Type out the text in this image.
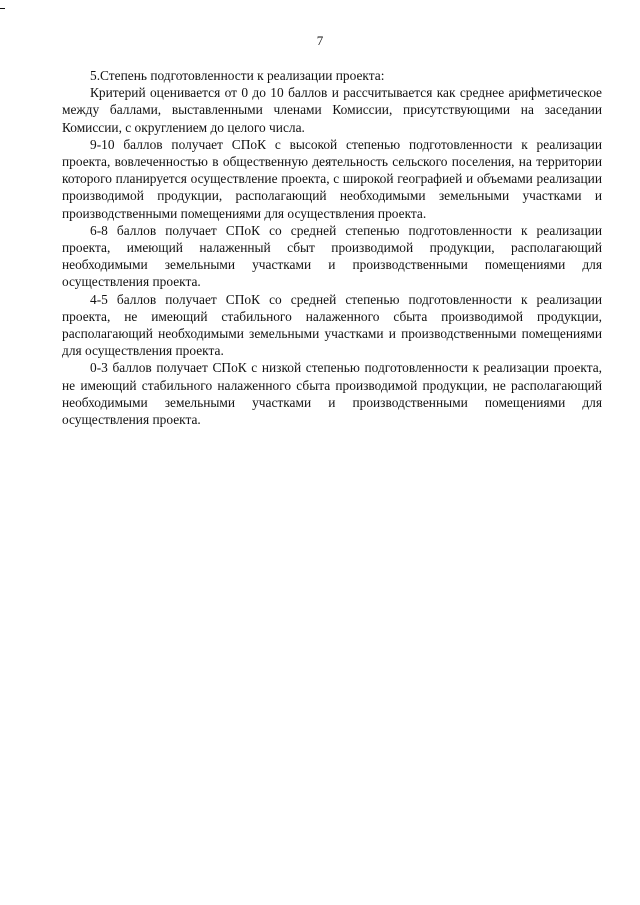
7

5.Степень подготовленности к реализации проекта:

Критерий оценивается от 0 до 10 баллов и рассчитывается как среднее арифметическое между баллами, выставленными членами Комиссии, присутствующими на заседании Комиссии, с округлением до целого числа.

9-10 баллов получает СПоК с высокой степенью подготовленности к реализации проекта, вовлеченностью в общественную деятельность сельского поселения, на территории которого планируется осуществление проекта, с широкой географией и объемами реализации производимой продукции, располагающий необходимыми земельными участками и производственными помещениями для осуществления проекта.

6-8 баллов получает СПоК со средней степенью подготовленности к реализации проекта, имеющий налаженный сбыт производимой продукции, располагающий необходимыми земельными участками и производственными помещениями для осуществления проекта.

4-5 баллов получает СПоК со средней степенью подготовленности к реализации проекта, не имеющий стабильного налаженного сбыта производимой продукции, располагающий необходимыми земельными участками и производственными помещениями для осуществления проекта.

0-3 баллов получает СПоК с низкой степенью подготовленности к реализации проекта, не имеющий стабильного налаженного сбыта производимой продукции, не располагающий необходимыми земельными участками и производственными помещениями для осуществления проекта.
